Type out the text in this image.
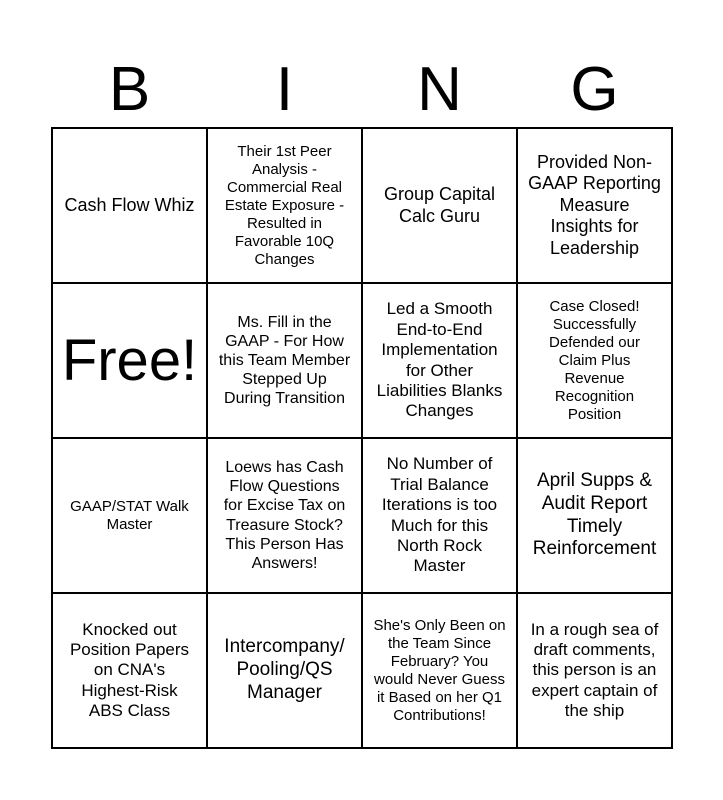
B	I	N	G
Cash Flow Whiz	Their 1st Peer Analysis - Commercial Real Estate Exposure - Resulted in Favorable 10Q Changes	Group Capital Calc Guru	Provided Non-GAAP Reporting Measure Insights for Leadership
Free!	Ms. Fill in the GAAP - For How this Team Member Stepped Up During Transition	Led a Smooth End-to-End Implementation for Other Liabilities Blanks Changes	Case Closed! Successfully Defended our Claim Plus Revenue Recognition Position
GAAP/STAT Walk Master	Loews has Cash Flow Questions for Excise Tax on Treasure Stock? This Person Has Answers!	No Number of Trial Balance Iterations is too Much for this North Rock Master	April Supps & Audit Report Timely Reinforcement
Knocked out Position Papers on CNA's Highest-Risk ABS Class	Intercompany/ Pooling/QS Manager	She's Only Been on the Team Since February? You would Never Guess it Based on her Q1 Contributions!	In a rough sea of draft comments, this person is an expert captain of the ship
